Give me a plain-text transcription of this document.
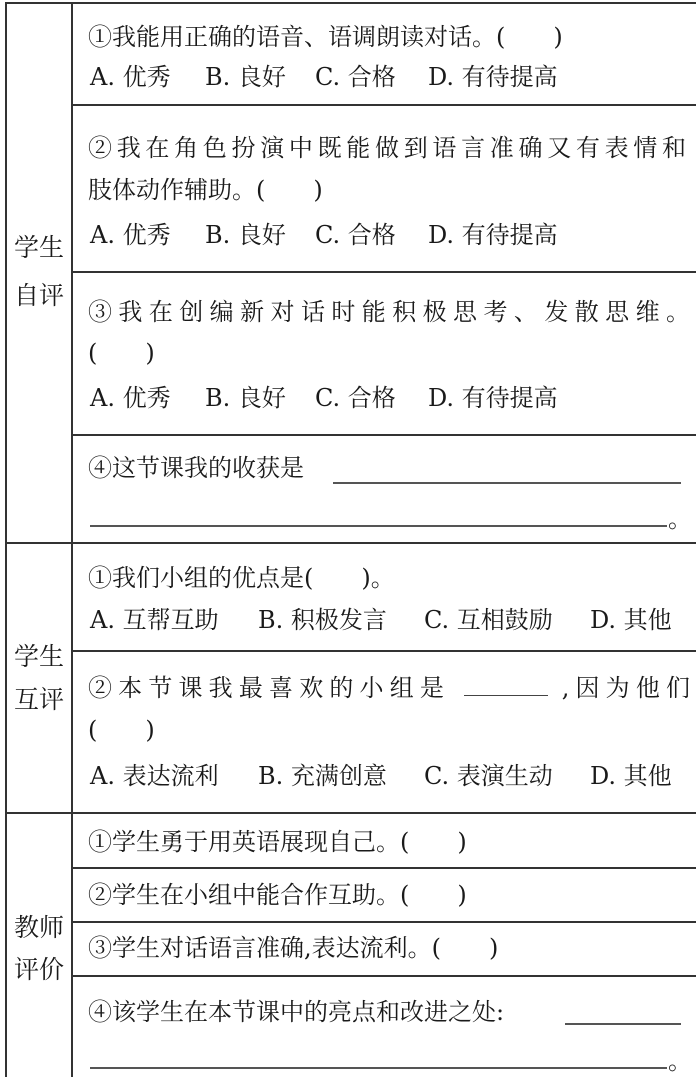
学生
自评
学生
互评
教师
评价
①我能用正确的语音、语调朗读对话。(　　)
A. 优秀 B. 良好 C. 合格 D. 有待提高
②我在角色扮演中既能做到语言准确又有表情和
肢体动作辅助。(　　)
A. 优秀 B. 良好 C. 合格 D. 有待提高
③我在创编新对话时能积极思考、发散思维。
(　　)
A. 优秀 B. 良好 C. 合格 D. 有待提高
④这节课我的收获是
。
①我们小组的优点是(　　)。
A. 互帮互助 B. 积极发言 C. 互相鼓励 D. 其他
②本节课我最喜欢的小组是	,因为他们
(　　)
A. 表达流利 B. 充满创意 C. 表演生动 D. 其他
①学生勇于用英语展现自己。(　　)
②学生在小组中能合作互助。(　　)
③学生对话语言准确,表达流利。(　　)
④该学生在本节课中的亮点和改进之处:
。
